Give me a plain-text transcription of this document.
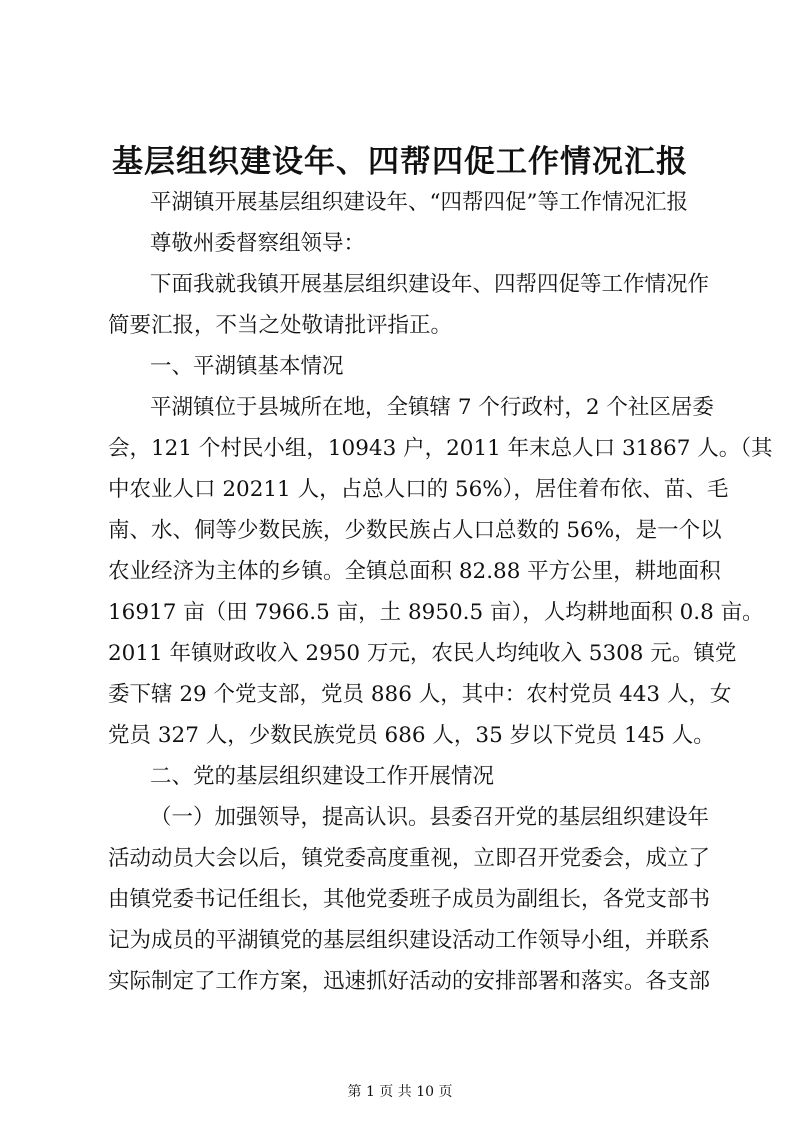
基层组织建设年、四帮四促工作情况汇报
平湖镇开展基层组织建设年、“四帮四促”等工作情况汇报
尊敬州委督察组领导：
下面我就我镇开展基层组织建设年、四帮四促等工作情况作
简要汇报，不当之处敬请批评指正。
一、平湖镇基本情况
平湖镇位于县城所在地，全镇辖 7 个行政村，2 个社区居委
会，121 个村民小组，10943 户，2011 年末总人口 31867 人。（其
中农业人口 20211 人，占总人口的 56%），居住着布依、苗、毛
南、水、侗等少数民族，少数民族占人口总数的 56%，是一个以
农业经济为主体的乡镇。全镇总面积 82.88 平方公里，耕地面积
16917 亩（田 7966.5 亩，土 8950.5 亩），人均耕地面积 0.8 亩。
2011 年镇财政收入 2950 万元，农民人均纯收入 5308 元。镇党
委下辖 29 个党支部，党员 886 人，其中：农村党员 443 人，女
党员 327 人，少数民族党员 686 人，35 岁以下党员 145 人。
二、党的基层组织建设工作开展情况
（一）加强领导，提高认识。县委召开党的基层组织建设年
活动动员大会以后，镇党委高度重视，立即召开党委会，成立了
由镇党委书记任组长，其他党委班子成员为副组长，各党支部书
记为成员的平湖镇党的基层组织建设活动工作领导小组，并联系
实际制定了工作方案，迅速抓好活动的安排部署和落实。各支部
第 1 页 共 10 页
